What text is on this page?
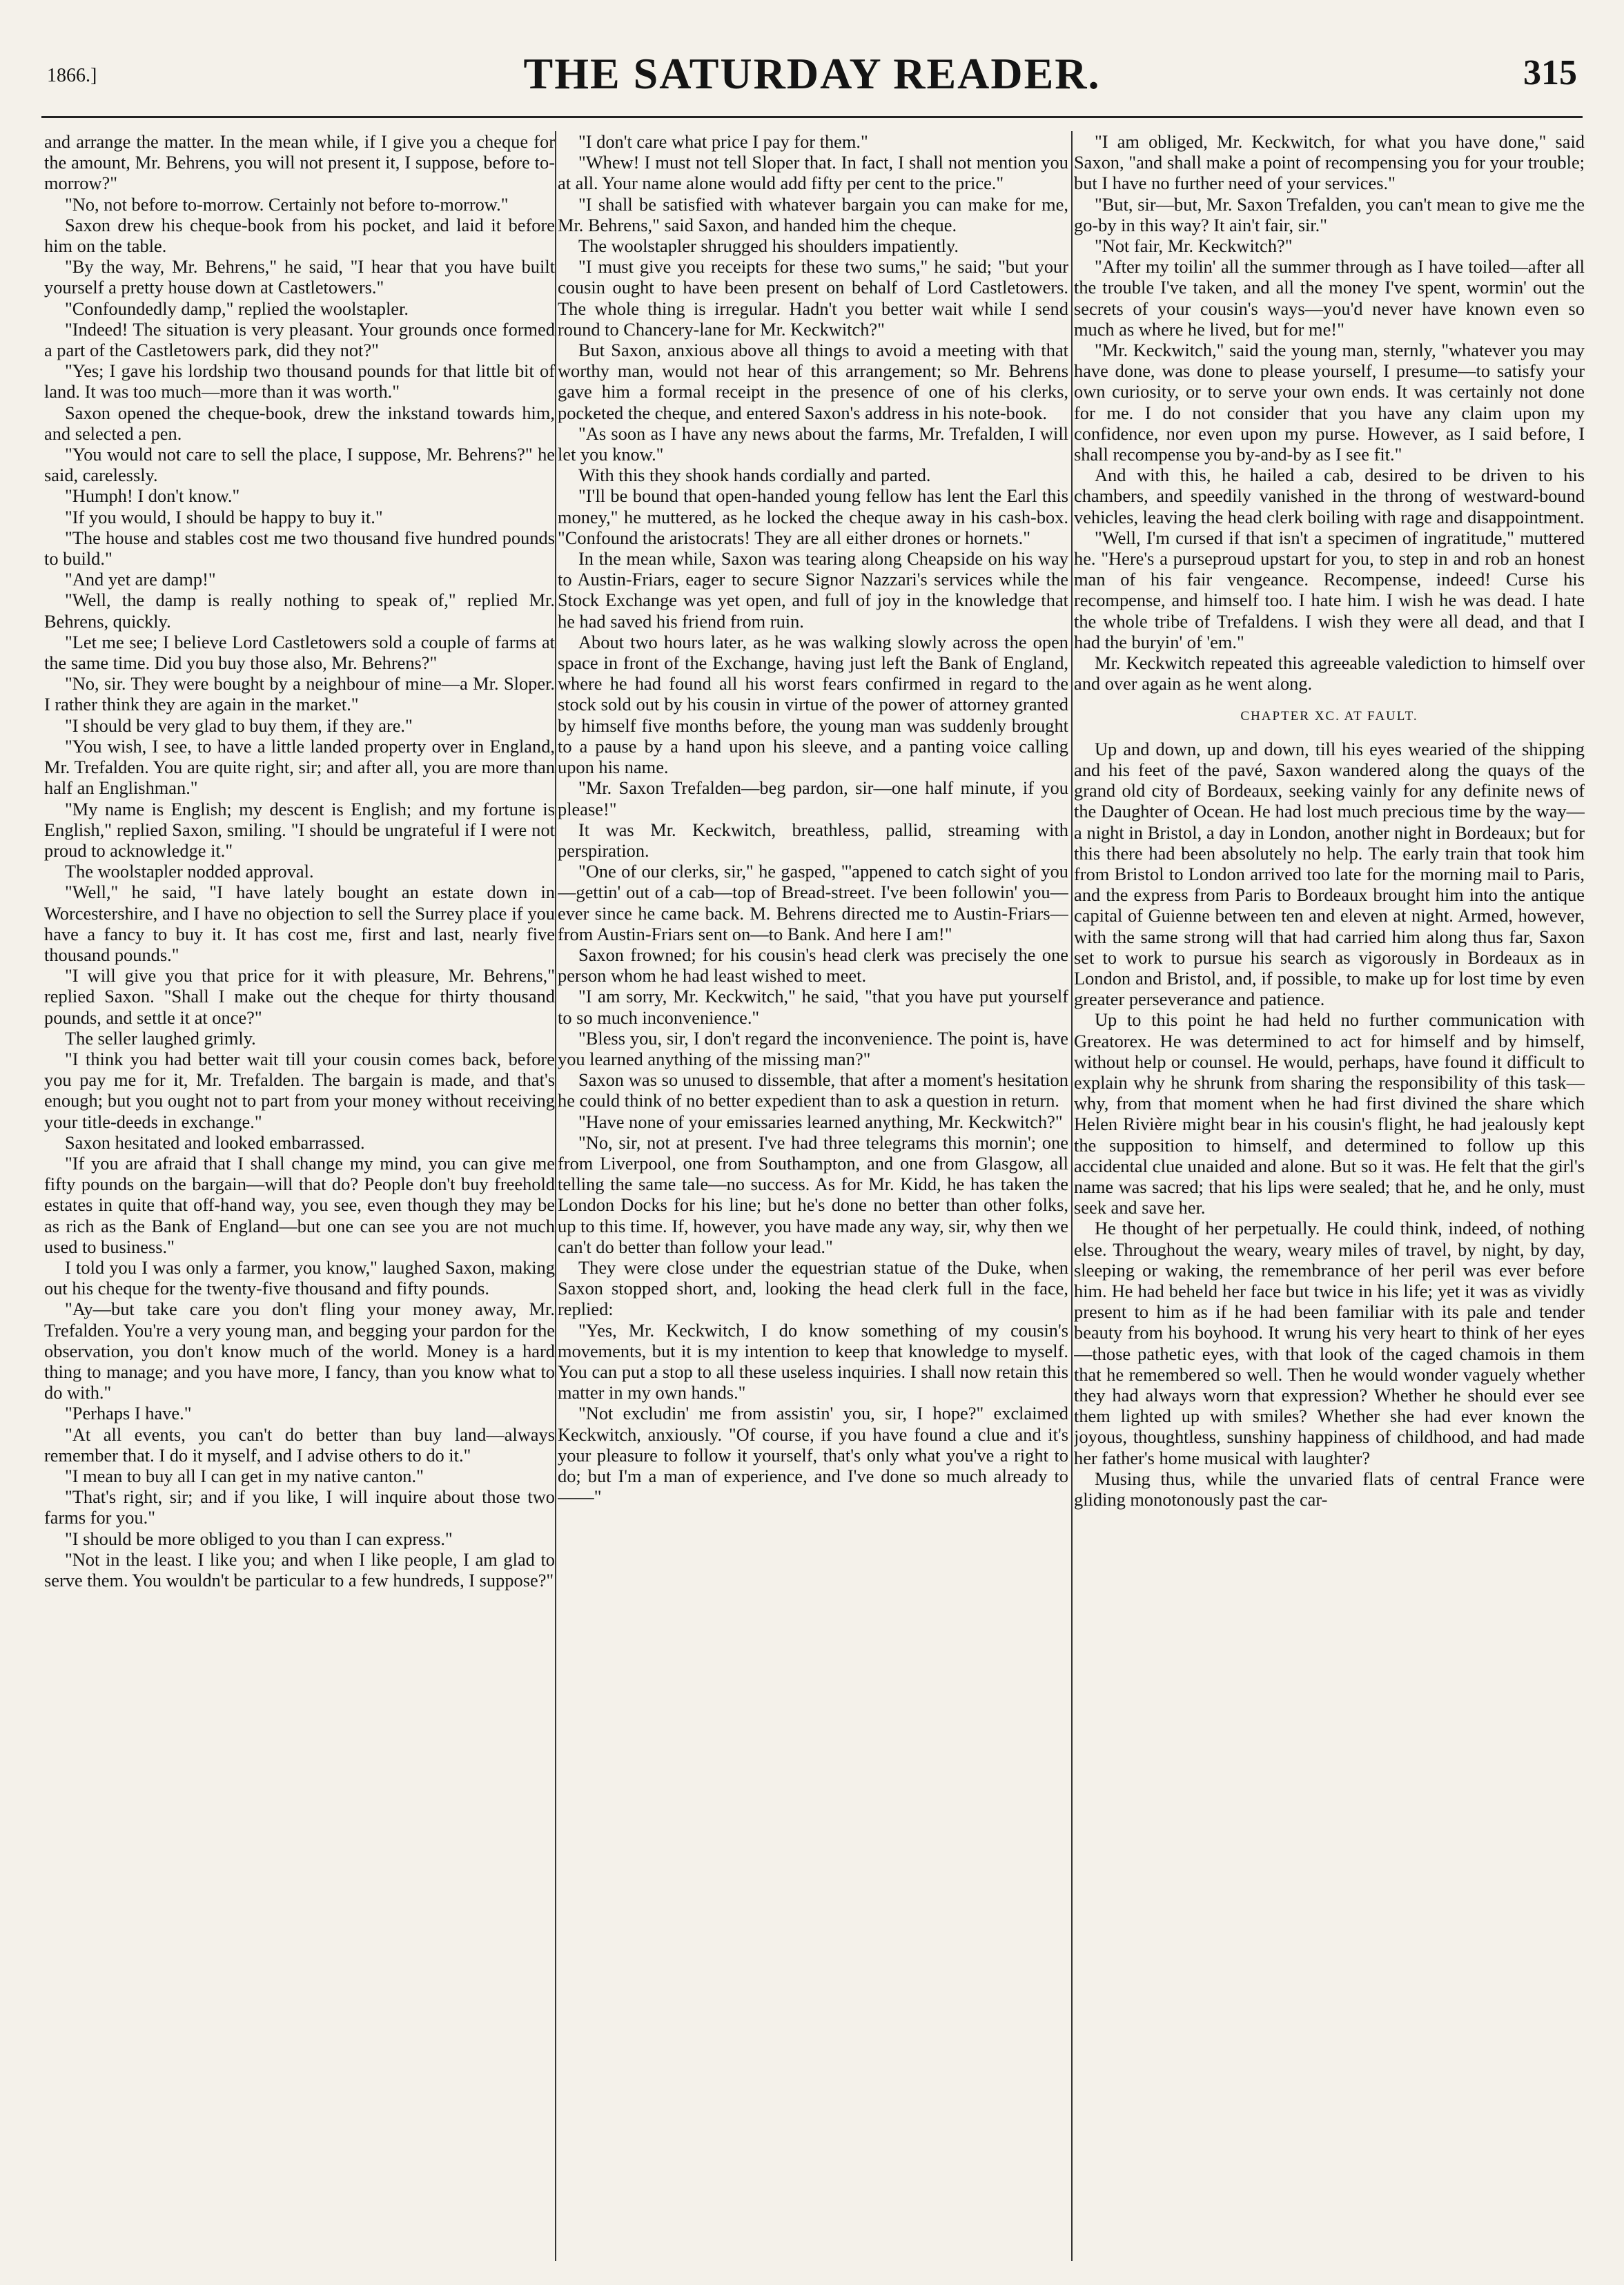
1866.]	THE SATURDAY READER.	315

and arrange the matter. In the mean while, if I give you a cheque for the amount, Mr. Behrens, you will not present it, I suppose, before to-morrow?"

"No, not before to-morrow. Certainly not before to-morrow."

Saxon drew his cheque-book from his pocket, and laid it before him on the table.

"By the way, Mr. Behrens," he said, "I hear that you have built yourself a pretty house down at Castletowers."

"Confoundedly damp," replied the woolstapler.

"Indeed! The situation is very pleasant. Your grounds once formed a part of the Castletowers park, did they not?"

"Yes; I gave his lordship two thousand pounds for that little bit of land. It was too much—more than it was worth."

Saxon opened the cheque-book, drew the inkstand towards him, and selected a pen.

"You would not care to sell the place, I suppose, Mr. Behrens?" he said, carelessly.

"Humph! I don't know."

"If you would, I should be happy to buy it."

"The house and stables cost me two thousand five hundred pounds to build."

"And yet are damp!"

"Well, the damp is really nothing to speak of," replied Mr. Behrens, quickly.

"Let me see; I believe Lord Castletowers sold a couple of farms at the same time. Did you buy those also, Mr. Behrens?"

"No, sir. They were bought by a neighbour of mine—a Mr. Sloper. I rather think they are again in the market."

"I should be very glad to buy them, if they are."

"You wish, I see, to have a little landed property over in England, Mr. Trefalden. You are quite right, sir; and after all, you are more than half an Englishman."

"My name is English; my descent is English; and my fortune is English," replied Saxon, smiling. "I should be ungrateful if I were not proud to acknowledge it."

The woolstapler nodded approval.

"Well," he said, "I have lately bought an estate down in Worcestershire, and I have no objection to sell the Surrey place if you have a fancy to buy it. It has cost me, first and last, nearly five thousand pounds."

"I will give you that price for it with pleasure, Mr. Behrens," replied Saxon. "Shall I make out the cheque for thirty thousand pounds, and settle it at once?"

The seller laughed grimly.

"I think you had better wait till your cousin comes back, before you pay me for it, Mr. Trefalden. The bargain is made, and that's enough; but you ought not to part from your money without receiving your title-deeds in exchange."

Saxon hesitated and looked embarrassed.

"If you are afraid that I shall change my mind, you can give me fifty pounds on the bargain—will that do? People don't buy freehold estates in quite that off-hand way, you see, even though they may be as rich as the Bank of England—but one can see you are not much used to business."

I told you I was only a farmer, you know," laughed Saxon, making out his cheque for the twenty-five thousand and fifty pounds.

"Ay—but take care you don't fling your money away, Mr. Trefalden. You're a very young man, and begging your pardon for the observation, you don't know much of the world. Money is a hard thing to manage; and you have more, I fancy, than you know what to do with."

"Perhaps I have."

"At all events, you can't do better than buy land—always remember that. I do it myself, and I advise others to do it."

"I mean to buy all I can get in my native canton."

"That's right, sir; and if you like, I will inquire about those two farms for you."

"I should be more obliged to you than I can express."

"Not in the least. I like you; and when I like people, I am glad to serve them. You wouldn't be particular to a few hundreds, I suppose?"

"I don't care what price I pay for them."

"Whew! I must not tell Sloper that. In fact, I shall not mention you at all. Your name alone would add fifty per cent to the price."

"I shall be satisfied with whatever bargain you can make for me, Mr. Behrens," said Saxon, and handed him the cheque.

The woolstapler shrugged his shoulders impatiently.

"I must give you receipts for these two sums," he said; "but your cousin ought to have been present on behalf of Lord Castletowers. The whole thing is irregular. Hadn't you better wait while I send round to Chancery-lane for Mr. Keckwitch?"

But Saxon, anxious above all things to avoid a meeting with that worthy man, would not hear of this arrangement; so Mr. Behrens gave him a formal receipt in the presence of one of his clerks, pocketed the cheque, and entered Saxon's address in his note-book.

"As soon as I have any news about the farms, Mr. Trefalden, I will let you know."

With this they shook hands cordially and parted.

"I'll be bound that open-handed young fellow has lent the Earl this money," he muttered, as he locked the cheque away in his cash-box. "Confound the aristocrats! They are all either drones or hornets."

In the mean while, Saxon was tearing along Cheapside on his way to Austin-Friars, eager to secure Signor Nazzari's services while the Stock Exchange was yet open, and full of joy in the knowledge that he had saved his friend from ruin.

About two hours later, as he was walking slowly across the open space in front of the Exchange, having just left the Bank of England, where he had found all his worst fears confirmed in regard to the stock sold out by his cousin in virtue of the power of attorney granted by himself five months before, the young man was suddenly brought to a pause by a hand upon his sleeve, and a panting voice calling upon his name.

"Mr. Saxon Trefalden—beg pardon, sir—one half minute, if you please!"

It was Mr. Keckwitch, breathless, pallid, streaming with perspiration.

"One of our clerks, sir," he gasped, "'appened to catch sight of you—gettin' out of a cab—top of Bread-street. I've been followin' you—ever since he came back. M. Behrens directed me to Austin-Friars—from Austin-Friars sent on—to Bank. And here I am!"

Saxon frowned; for his cousin's head clerk was precisely the one person whom he had least wished to meet.

"I am sorry, Mr. Keckwitch," he said, "that you have put yourself to so much inconvenience."

"Bless you, sir, I don't regard the inconvenience. The point is, have you learned anything of the missing man?"

Saxon was so unused to dissemble, that after a moment's hesitation he could think of no better expedient than to ask a question in return.

"Have none of your emissaries learned anything, Mr. Keckwitch?"

"No, sir, not at present. I've had three telegrams this mornin'; one from Liverpool, one from Southampton, and one from Glasgow, all telling the same tale—no success. As for Mr. Kidd, he has taken the London Docks for his line; but he's done no better than other folks, up to this time. If, however, you have made any way, sir, why then we can't do better than follow your lead."

They were close under the equestrian statue of the Duke, when Saxon stopped short, and, looking the head clerk full in the face, replied:

"Yes, Mr. Keckwitch, I do know something of my cousin's movements, but it is my intention to keep that knowledge to myself. You can put a stop to all these useless inquiries. I shall now retain this matter in my own hands."

"Not excludin' me from assistin' you, sir, I hope?" exclaimed Keckwitch, anxiously. "Of course, if you have found a clue and it's your pleasure to follow it yourself, that's only what you've a right to do; but I'm a man of experience, and I've done so much already to——"

"I am obliged, Mr. Keckwitch, for what you have done," said Saxon, "and shall make a point of recompensing you for your trouble; but I have no further need of your services."

"But, sir—but, Mr. Saxon Trefalden, you can't mean to give me the go-by in this way? It ain't fair, sir."

"Not fair, Mr. Keckwitch?"

"After my toilin' all the summer through as I have toiled—after all the trouble I've taken, and all the money I've spent, wormin' out the secrets of your cousin's ways—you'd never have known even so much as where he lived, but for me!"

"Mr. Keckwitch," said the young man, sternly, "whatever you may have done, was done to please yourself, I presume—to satisfy your own curiosity, or to serve your own ends. It was certainly not done for me. I do not consider that you have any claim upon my confidence, nor even upon my purse. However, as I said before, I shall recompense you by-and-by as I see fit."

And with this, he hailed a cab, desired to be driven to his chambers, and speedily vanished in the throng of westward-bound vehicles, leaving the head clerk boiling with rage and disappointment.

"Well, I'm cursed if that isn't a specimen of ingratitude," muttered he. "Here's a purseproud upstart for you, to step in and rob an honest man of his fair vengeance. Recompense, indeed! Curse his recompense, and himself too. I hate him. I wish he was dead. I hate the whole tribe of Trefaldens. I wish they were all dead, and that I had the buryin' of 'em."

Mr. Keckwitch repeated this agreeable valediction to himself over and over again as he went along.

CHAPTER XC. AT FAULT.

Up and down, up and down, till his eyes wearied of the shipping and his feet of the pavé, Saxon wandered along the quays of the grand old city of Bordeaux, seeking vainly for any definite news of the Daughter of Ocean. He had lost much precious time by the way—a night in Bristol, a day in London, another night in Bordeaux; but for this there had been absolutely no help. The early train that took him from Bristol to London arrived too late for the morning mail to Paris, and the express from Paris to Bordeaux brought him into the antique capital of Guienne between ten and eleven at night. Armed, however, with the same strong will that had carried him along thus far, Saxon set to work to pursue his search as vigorously in Bordeaux as in London and Bristol, and, if possible, to make up for lost time by even greater perseverance and patience.

Up to this point he had held no further communication with Greatorex. He was determined to act for himself and by himself, without help or counsel. He would, perhaps, have found it difficult to explain why he shrunk from sharing the responsibility of this task—why, from that moment when he had first divined the share which Helen Rivière might bear in his cousin's flight, he had jealously kept the supposition to himself, and determined to follow up this accidental clue unaided and alone. But so it was. He felt that the girl's name was sacred; that his lips were sealed; that he, and he only, must seek and save her.

He thought of her perpetually. He could think, indeed, of nothing else. Throughout the weary, weary miles of travel, by night, by day, sleeping or waking, the remembrance of her peril was ever before him. He had beheld her face but twice in his life; yet it was as vividly present to him as if he had been familiar with its pale and tender beauty from his boyhood. It wrung his very heart to think of her eyes—those pathetic eyes, with that look of the caged chamois in them that he remembered so well. Then he would wonder vaguely whether they had always worn that expression? Whether he should ever see them lighted up with smiles? Whether she had ever known the joyous, thoughtless, sunshiny happiness of childhood, and had made her father's home musical with laughter?

Musing thus, while the unvaried flats of central France were gliding monotonously past the car-
